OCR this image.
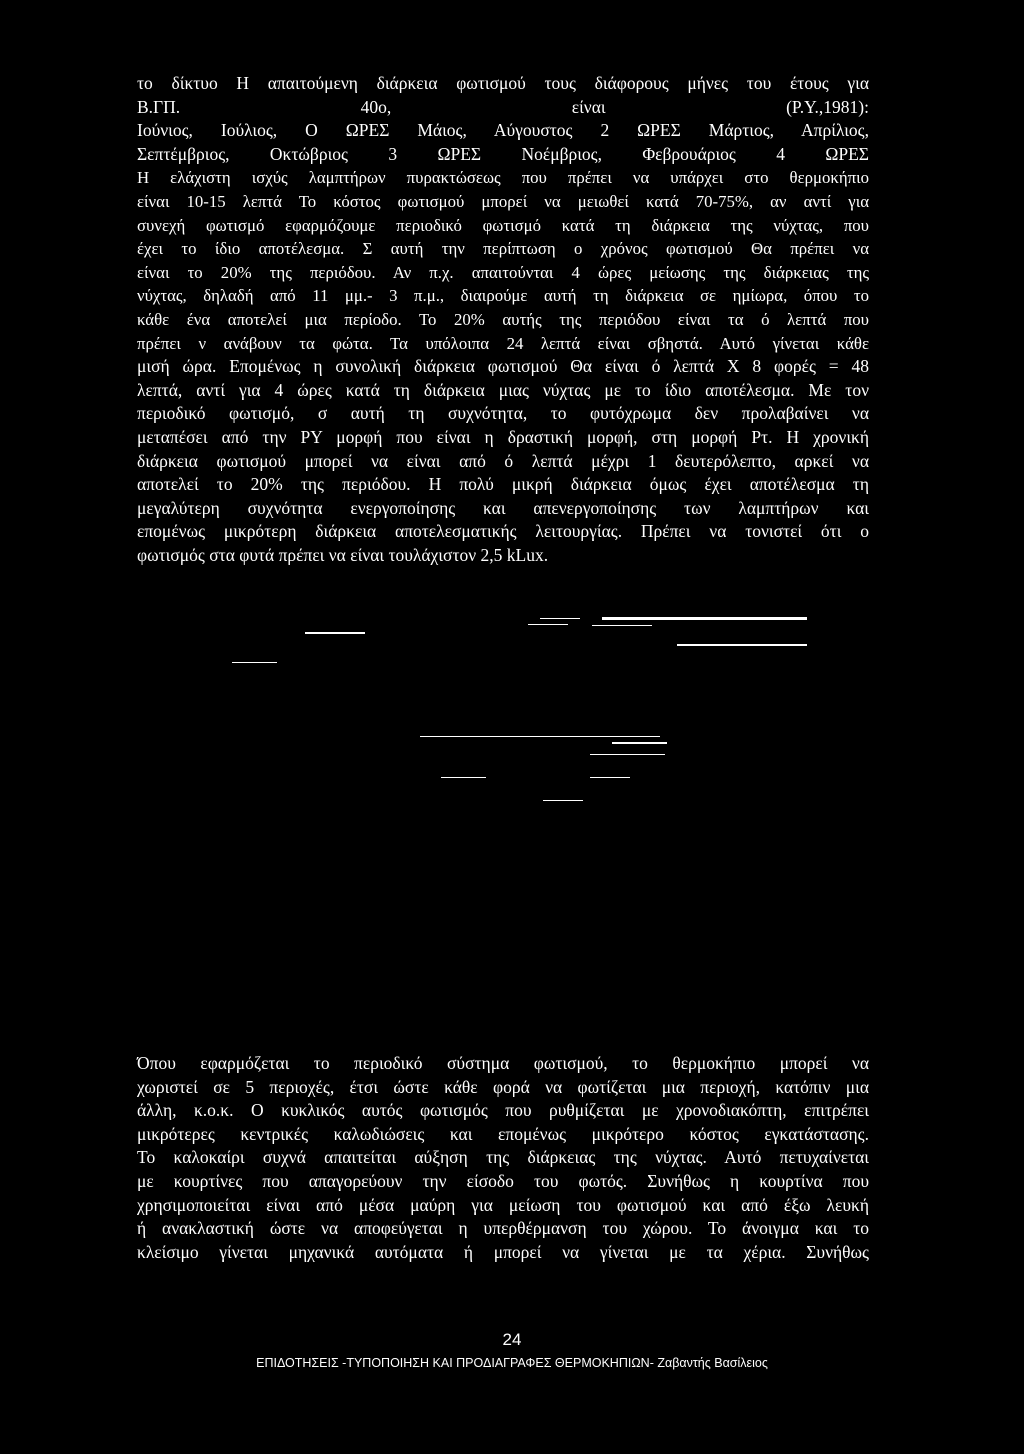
το δίκτυο Η απαιτούμενη διάρκεια φωτισμού τους διάφορους μήνες του έτους για
Β.ΓΠ. 40ο, είναι (Ρ.Υ.,1981):
Ιούνιος, Ιούλιος, Ο ΩΡΕΣ Μάιος, Αύγουστος 2 ΩΡΕΣ Μάρτιος, Απρίλιος,
Σεπτέμβριος, Οκτώβριος 3 ΩΡΕΣ Νοέμβριος, Φεβρουάριος 4 ΩΡΕΣ
Η ελάχιστη ισχύς λαμπτήρων πυρακτώσεως που πρέπει να υπάρχει στο θερμοκήπιο
είναι 10-15 λεπτά Το κόστος φωτισμού μπορεί να μειωθεί κατά 70-75%, αν αντί για
συνεχή φωτισμό εφαρμόζουμε περιοδικό φωτισμό κατά τη διάρκεια της νύχτας, που
έχει το ίδιο αποτέλεσμα. Σ αυτή την περίπτωση ο χρόνος φωτισμού Θα πρέπει να
είναι το 20% της περιόδου. Αν π.χ. απαιτούνται 4 ώρες μείωσης της διάρκειας της
νύχτας, δηλαδή από 11 μμ.- 3 π.μ., διαιρούμε αυτή τη διάρκεια σε ημίωρα, όπου το
κάθε ένα αποτελεί μια περίοδο. Το 20% αυτής της περιόδου είναι τα ό λεπτά που
πρέπει ν ανάβουν τα φώτα. Τα υπόλοιπα 24 λεπτά είναι σβηστά. Αυτό γίνεται κάθε
μισή ώρα. Επομένως η συνολική διάρκεια φωτισμού Θα είναι ό λεπτά Χ 8 φορές = 48
λεπτά, αντί για 4 ώρες κατά τη διάρκεια μιας νύχτας με το ίδιο αποτέλεσμα. Με τον
περιοδικό φωτισμό, σ αυτή τη συχνότητα, το φυτόχρωμα δεν προλαβαίνει να
μεταπέσει από την PY μορφή που είναι η δραστική μορφή, στη μορφή Ρτ. Η χρονική
διάρκεια φωτισμού μπορεί να είναι από ό λεπτά μέχρι 1 δευτερόλεπτο, αρκεί να
αποτελεί το 20% της περιόδου. Η πολύ μικρή διάρκεια όμως έχει αποτέλεσμα τη
μεγαλύτερη συχνότητα ενεργοποίησης και απενεργοποίησης των λαμπτήρων και
επομένως μικρότερη διάρκεια αποτελεσματικής λειτουργίας. Πρέπει να τονιστεί ότι ο
φωτισμός στα φυτά πρέπει να είναι τουλάχιστον 2,5 kLux.
Όπου εφαρμόζεται το περιοδικό σύστημα φωτισμού, το θερμοκήπιο μπορεί να
χωριστεί σε 5 περιοχές, έτσι ώστε κάθε φορά να φωτίζεται μια περιοχή, κατόπιν μια
άλλη, κ.ο.κ. Ο κυκλικός αυτός φωτισμός που ρυθμίζεται με χρονοδιακόπτη, επιτρέπει
μικρότερες κεντρικές καλωδιώσεις και επομένως μικρότερο κόστος εγκατάστασης.
Το καλοκαίρι συχνά απαιτείται αύξηση της διάρκειας της νύχτας. Αυτό πετυχαίνεται
με κουρτίνες που απαγορεύουν την είσοδο του φωτός. Συνήθως η κουρτίνα που
χρησιμοποιείται είναι από μέσα μαύρη για μείωση του φωτισμού και από έξω λευκή
ή ανακλαστική ώστε να αποφεύγεται η υπερθέρμανση του χώρου. Το άνοιγμα και το
κλείσιμο γίνεται μηχανικά αυτόματα ή μπορεί να γίνεται με τα χέρια. Συνήθως
24
ΕΠΙΔΟΤΗΣΕΙΣ -ΤΥΠΟΠΟΙΗΣΗ ΚΑΙ ΠΡΟΔΙΑΓΡΑΦΕΣ ΘΕΡΜΟΚΗΠΙΩΝ- Ζαβαντής Βασίλειος
